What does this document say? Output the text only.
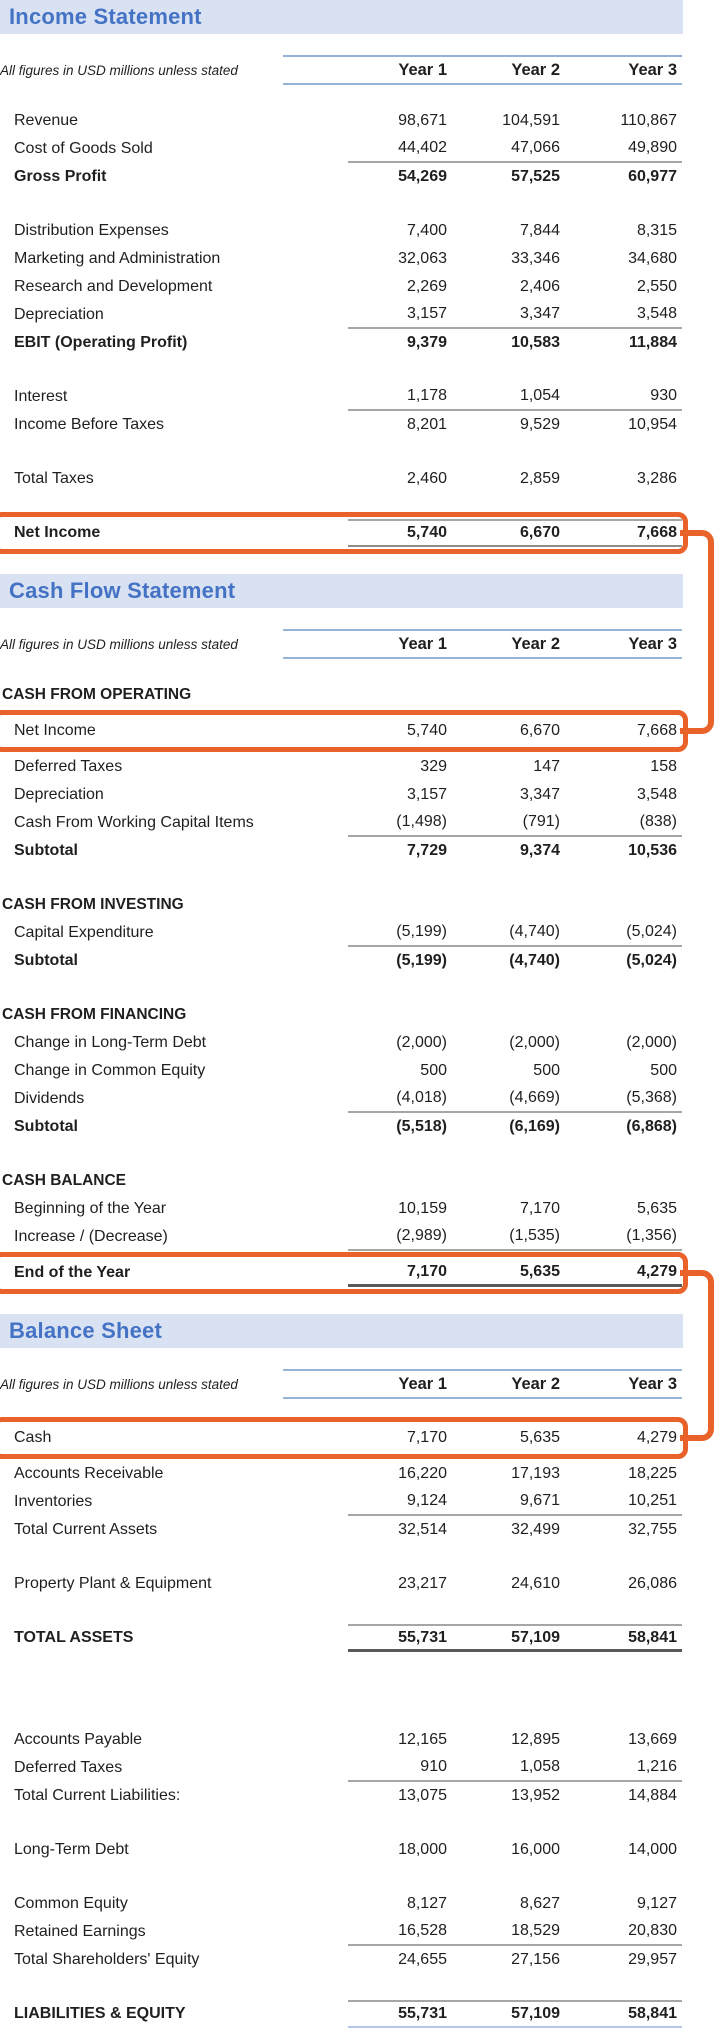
Income Statement
All figures in USD millions unless stated	Year 1	Year 2	Year 3
Revenue	98,671	104,591	110,867
Cost of Goods Sold	44,402	47,066	49,890
Gross Profit	54,269	57,525	60,977
Distribution Expenses	7,400	7,844	8,315
Marketing and Administration	32,063	33,346	34,680
Research and Development	2,269	2,406	2,550
Depreciation	3,157	3,347	3,548
EBIT (Operating Profit)	9,379	10,583	11,884
Interest	1,178	1,054	930
Income Before Taxes	8,201	9,529	10,954
Total Taxes	2,460	2,859	3,286
Net Income	5,740	6,670	7,668
Cash Flow Statement
All figures in USD millions unless stated	Year 1	Year 2	Year 3
CASH FROM OPERATING
Net Income	5,740	6,670	7,668
Deferred Taxes	329	147	158
Depreciation	3,157	3,347	3,548
Cash From Working Capital Items	(1,498)	(791)	(838)
Subtotal	7,729	9,374	10,536
CASH FROM INVESTING
Capital Expenditure	(5,199)	(4,740)	(5,024)
Subtotal	(5,199)	(4,740)	(5,024)
CASH FROM FINANCING
Change in Long-Term Debt	(2,000)	(2,000)	(2,000)
Change in Common Equity	500	500	500
Dividends	(4,018)	(4,669)	(5,368)
Subtotal	(5,518)	(6,169)	(6,868)
CASH BALANCE
Beginning of the Year	10,159	7,170	5,635
Increase / (Decrease)	(2,989)	(1,535)	(1,356)
End of the Year	7,170	5,635	4,279
Balance Sheet
All figures in USD millions unless stated	Year 1	Year 2	Year 3
Cash	7,170	5,635	4,279
Accounts Receivable	16,220	17,193	18,225
Inventories	9,124	9,671	10,251
Total Current Assets	32,514	32,499	32,755
Property Plant & Equipment	23,217	24,610	26,086
TOTAL ASSETS	55,731	57,109	58,841
Accounts Payable	12,165	12,895	13,669
Deferred Taxes	910	1,058	1,216
Total Current Liabilities:	13,075	13,952	14,884
Long-Term Debt	18,000	16,000	14,000
Common Equity	8,127	8,627	9,127
Retained Earnings	16,528	18,529	20,830
Total Shareholders' Equity	24,655	27,156	29,957
LIABILITIES & EQUITY	55,731	57,109	58,841
